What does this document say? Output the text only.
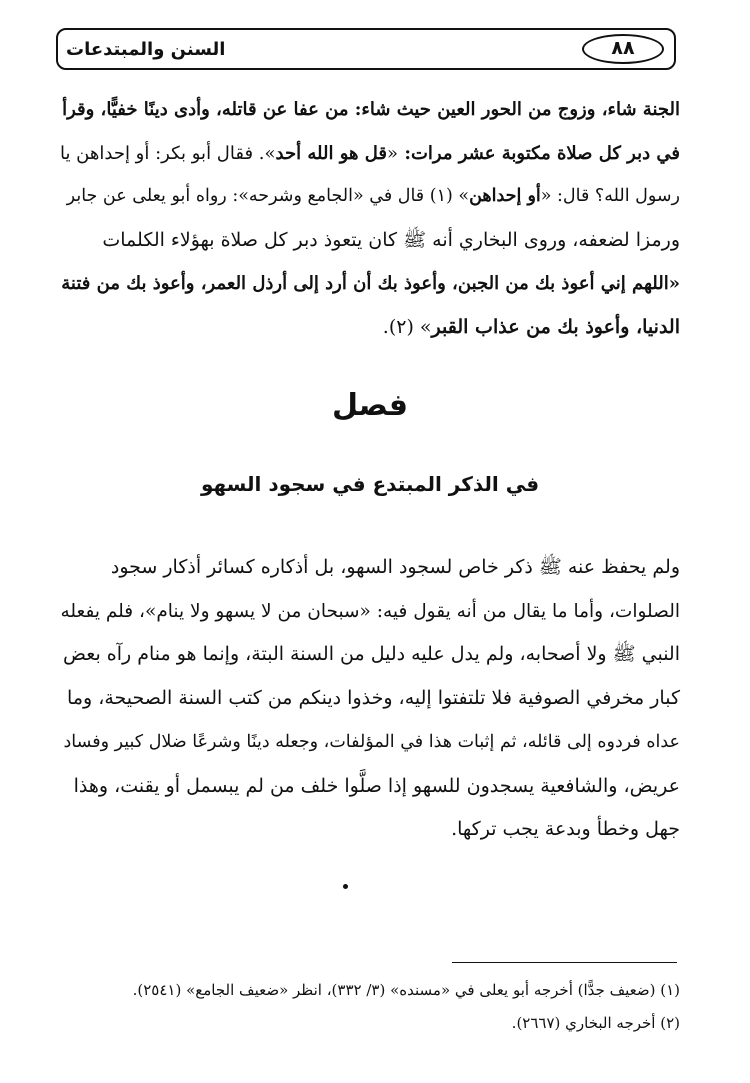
السنن والمبتدعات	٨٨
الجنة شاء، وزوج من الحور العين حيث شاء: من عفا عن قاتله، وأدى دينًا خفيًّا، وقرأ
في دبر كل صلاة مكتوبة عشر مرات: «قل هو الله أحد». فقال أبو بكر: أو إحداهن يا
رسول الله؟ قال: «أو إحداهن» (١) قال في «الجامع وشرحه»: رواه أبو يعلى عن جابر
ورمزا لضعفه، وروى البخاري أنه ﷺ كان يتعوذ دبر كل صلاة بهؤلاء الكلمات
«اللهم إني أعوذ بك من الجبن، وأعوذ بك أن أرد إلى أرذل العمر، وأعوذ بك من فتنة
الدنيا، وأعوذ بك من عذاب القبر» (٢).
فصل
في الذكر المبتدع في سجود السهو
ولم يحفظ عنه ﷺ ذكر خاص لسجود السهو، بل أذكاره كسائر أذكار سجود
الصلوات، وأما ما يقال من أنه يقول فيه: «سبحان من لا يسهو ولا ينام»، فلم يفعله
النبي ﷺ ولا أصحابه، ولم يدل عليه دليل من السنة البتة، وإنما هو منام رآه بعض
كبار مخرفي الصوفية فلا تلتفتوا إليه، وخذوا دينكم من كتب السنة الصحيحة، وما
عداه فردوه إلى قائله، ثم إثبات هذا في المؤلفات، وجعله دينًا وشرعًا ضلال كبير وفساد
عريض، والشافعية يسجدون للسهو إذا صلَّوا خلف من لم يبسمل أو يقنت، وهذا
جهل وخطأ وبدعة يجب تركها.
(١) (ضعيف جدًّا) أخرجه أبو يعلى في «مسنده» (٣/ ٣٣٢)، انظر «ضعيف الجامع» (٢٥٤١).
(٢) أخرجه البخاري (٢٦٦٧).
